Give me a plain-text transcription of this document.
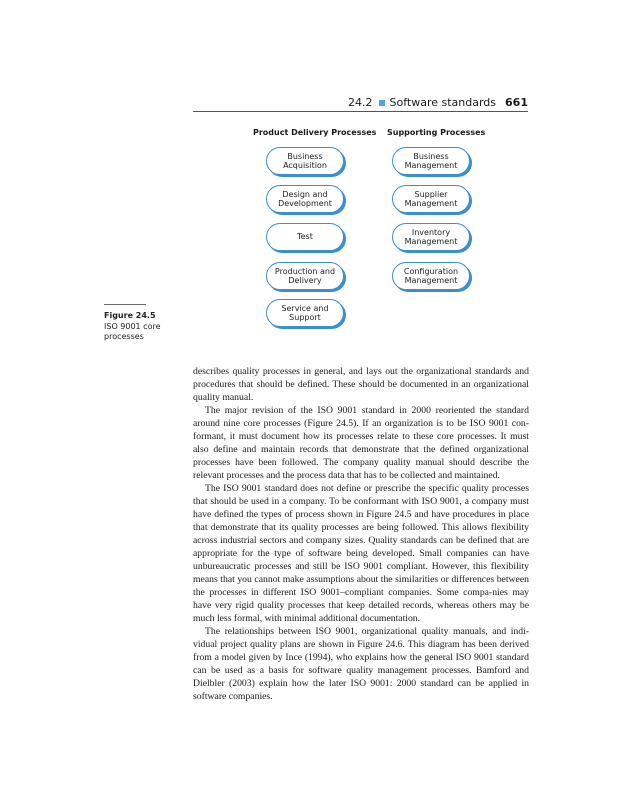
24.2 Software standards 661
Product Delivery Processes Supporting Processes
Business
Acquisition
Design and
Development
Test
Production and
Delivery
Service and
Support
Business
Management
Supplier
Management
Inventory
Management
Configuration
Management
Figure 24.5
ISO 9001 core processes

describes quality processes in general, and lays out the organizational standards and procedures that should be defined. These should be documented in an organizational quality manual.

The major revision of the ISO 9001 standard in 2000 reoriented the standard around nine core processes (Figure 24.5). If an organization is to be ISO 9001 con-formant, it must document how its processes relate to these core processes. It must also define and maintain records that demonstrate that the defined organizational processes have been followed. The company quality manual should describe the relevant processes and the process data that has to be collected and maintained.

The ISO 9001 standard does not define or prescribe the specific quality processes that should be used in a company. To be conformant with ISO 9001, a company must have defined the types of process shown in Figure 24.5 and have procedures in place that demonstrate that its quality processes are being followed. This allows flexibility across industrial sectors and company sizes. Quality standards can be defined that are appropriate for the type of software being developed. Small companies can have unbureaucratic processes and still be ISO 9001 compliant. However, this flexibility means that you cannot make assumptions about the similarities or differences between the processes in different ISO 9001–compliant companies. Some compa-nies may have very rigid quality processes that keep detailed records, whereas others may be much less formal, with minimal additional documentation.

The relationships between ISO 9001, organizational quality manuals, and indi-vidual project quality plans are shown in Figure 24.6. This diagram has been derived from a model given by Ince (1994), who explains how the general ISO 9001 standard can be used as a basis for software quality management processes. Bamford and Dielbler (2003) explain how the later ISO 9001: 2000 standard can be applied in software companies.
